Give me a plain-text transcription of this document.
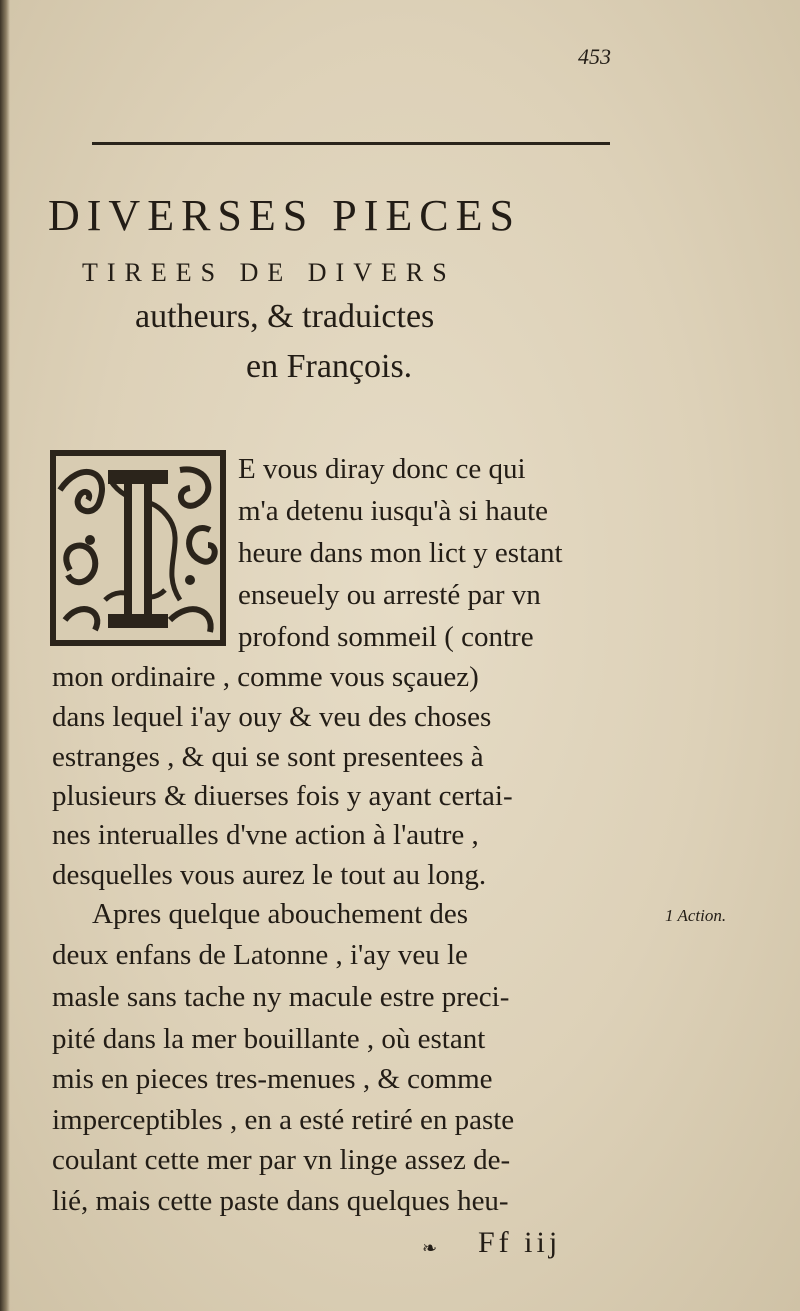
453
DIVERSES PIECES
TIREES DE DIVERS
autheurs, & traduictes
en François.
E vous diray donc ce qui
m'a detenu iusqu'à si haute
heure dans mon lict y estant
enseuely ou arresté par vn
profond sommeil ( contre
mon ordinaire , comme vous sçauez)
dans lequel i'ay ouy & veu des choses
estranges , & qui se sont presentees à
plusieurs & diuerses fois y ayant certai-
nes interualles d'vne action à l'autre ,
desquelles vous aurez le tout au long.
Apres quelque abouchement des
deux enfans de Latonne , i'ay veu le
masle sans tache ny macule estre preci-
pité dans la mer bouillante , où estant
mis en pieces tres-menues , & comme
imperceptibles , en a esté retiré en paste
coulant cette mer par vn linge assez de-
lié, mais cette paste dans quelques heu-
1 Action.
❧ Ff iij
